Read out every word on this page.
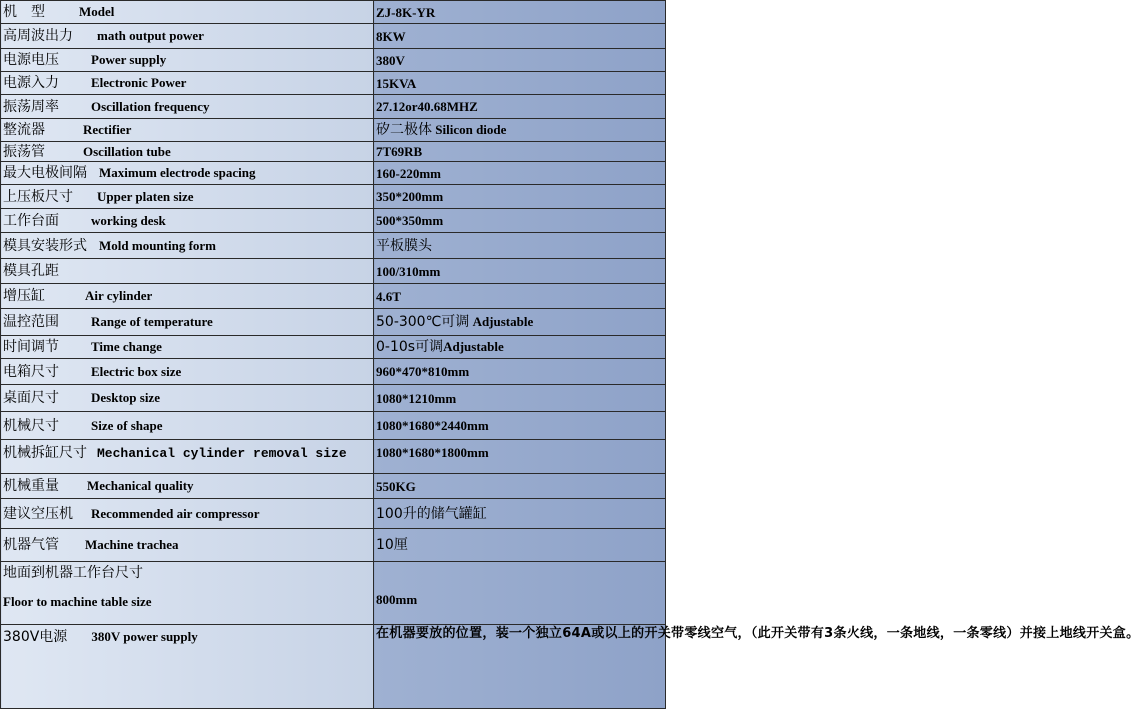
机　型 Model	ZJ-8K-YR
高周波出力 math output power	8KW
电源电压 Power supply	380V
电源入力 Electronic Power	15KVA
振荡周率 Oscillation frequency	27.12or40.68MHZ
整流器 Rectifier	矽二极体 Silicon diode
振荡管 Oscillation tube	7T69RB
最大电极间隔 Maximum electrode spacing	160-220mm
上压板尺寸 Upper platen size	350*200mm
工作台面 working desk	500*350mm
模具安装形式 Mold mounting form	平板膜头
模具孔距	100/310mm
增压缸 Air cylinder	4.6T
温控范围 Range of temperature	50-300℃可调 Adjustable
时间调节 Time change	0-10s可调Adjustable
电箱尺寸 Electric box size	960*470*810mm
桌面尺寸 Desktop size	1080*1210mm
机械尺寸 Size of shape	1080*1680*2440mm
机械拆缸尺寸 Mechanical cylinder removal size	1080*1680*1800mm
机械重量 Mechanical quality	550KG
建议空压机 Recommended air compressor	100升的储气罐缸
机器气管 Machine trachea	10厘

地面到机器工作台尺寸
Floor to machine table size	800mm
380V电源 380V power supply	在机器要放的位置，装一个独立64A或以上的开关带零线空气，（此开关带有3条火线，一条地线，一条零线）并接上地线开关盒。
